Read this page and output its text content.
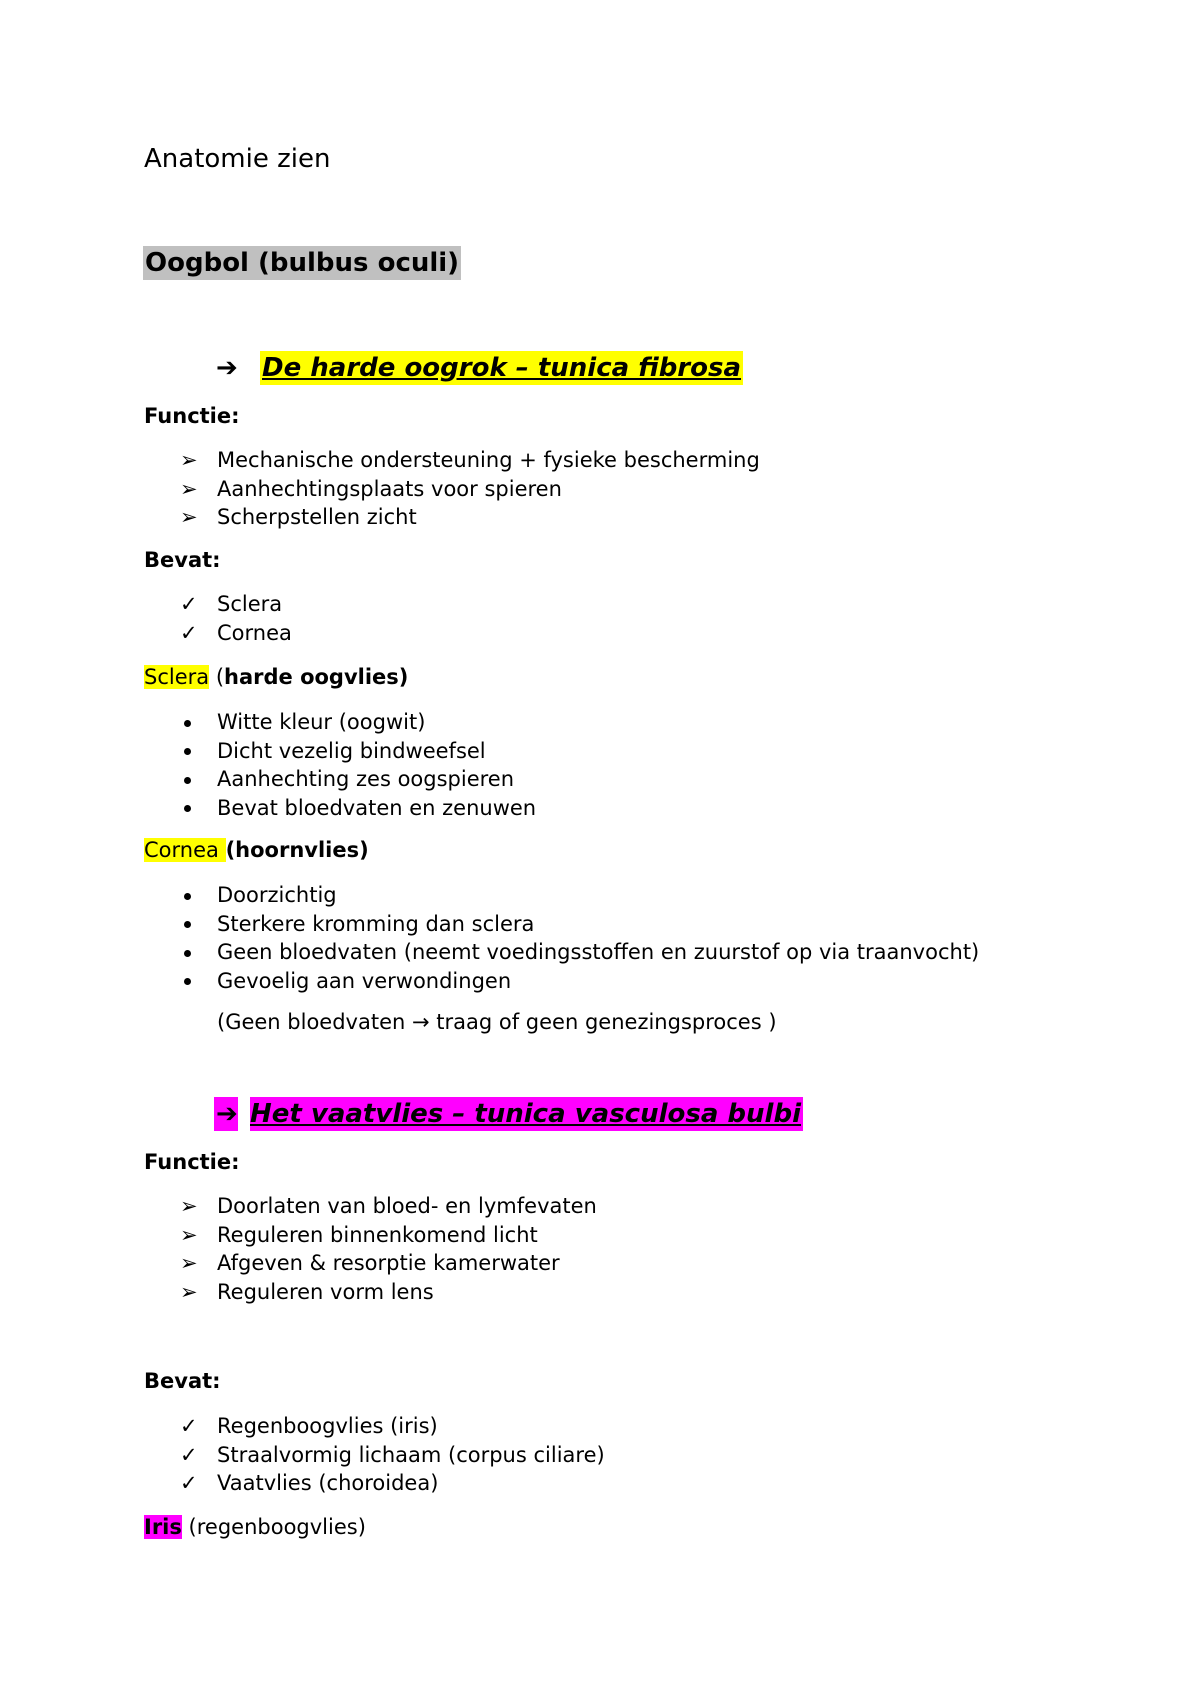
Anatomie zien
Oogbol (bulbus oculi)
➔ De harde oogrok – tunica fibrosa
Functie:
➢ Mechanische ondersteuning + fysieke bescherming
➢ Aanhechtingsplaats voor spieren
➢ Scherpstellen zicht
Bevat:
✓ Sclera
✓ Cornea
Sclera (harde oogvlies)
Witte kleur (oogwit)
Dicht vezelig bindweefsel
Aanhechting zes oogspieren
Bevat bloedvaten en zenuwen
Cornea (hoornvlies)
Doorzichtig
Sterkere kromming dan sclera
Geen bloedvaten (neemt voedingsstoffen en zuurstof op via traanvocht)
Gevoelig aan verwondingen
(Geen bloedvaten → traag of geen genezingsproces )
➔ Het vaatvlies – tunica vasculosa bulbi
Functie:
➢ Doorlaten van bloed- en lymfevaten
➢ Reguleren binnenkomend licht
➢ Afgeven & resorptie kamerwater
➢ Reguleren vorm lens
Bevat:
✓ Regenboogvlies (iris)
✓ Straalvormig lichaam (corpus ciliare)
✓ Vaatvlies (choroidea)
Iris (regenboogvlies)
